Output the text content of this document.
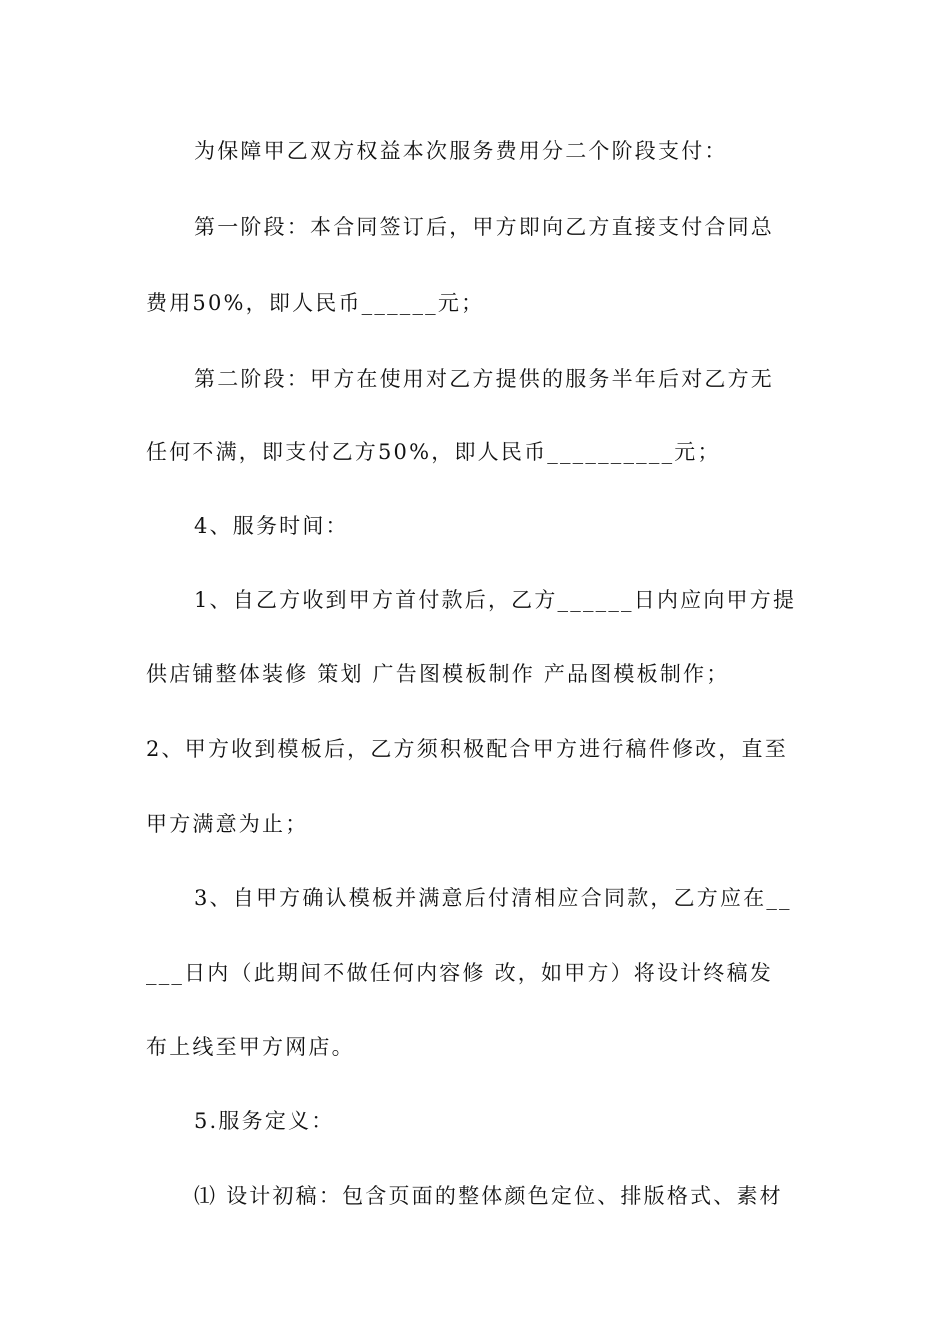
为保障甲乙双方权益本次服务费用分二个阶段支付：
第一阶段：本合同签订后，甲方即向乙方直接支付合同总
费用50%，即人民币______元；
第二阶段：甲方在使用对乙方提供的服务半年后对乙方无
任何不满，即支付乙方50%，即人民币__________元；
4、服务时间：
1、自乙方收到甲方首付款后，乙方______日内应向甲方提
供店铺整体装修 策划 广告图模板制作 产品图模板制作；
2、甲方收到模板后，乙方须积极配合甲方进行稿件修改，直至
甲方满意为止；
3、自甲方确认模板并满意后付清相应合同款，乙方应在__
___日内（此期间不做任何内容修 改，如甲方）将设计终稿发
布上线至甲方网店。
5.服务定义：
⑴ 设计初稿：包含页面的整体颜色定位、排版格式、素材
